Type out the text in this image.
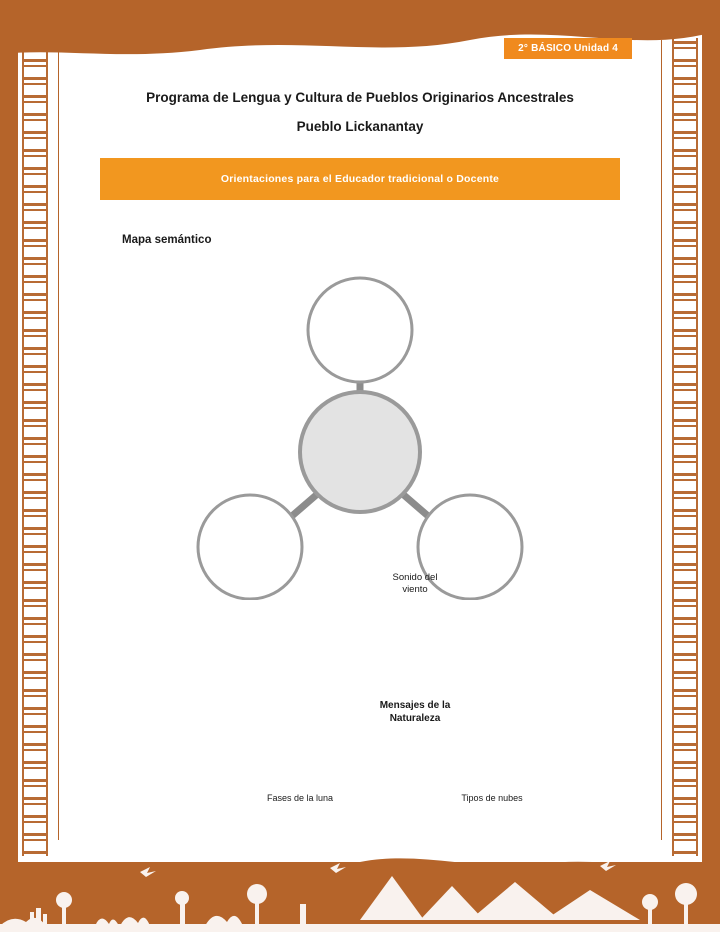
2° BÁSICO Unidad 4
Programa de Lengua y Cultura de Pueblos Originarios Ancestrales
Pueblo Lickanantay
Orientaciones para el Educador tradicional o Docente
Mapa semántico
Sonido del
viento
Mensajes de la
Naturaleza
Fases de la luna	Tipos de nubes
